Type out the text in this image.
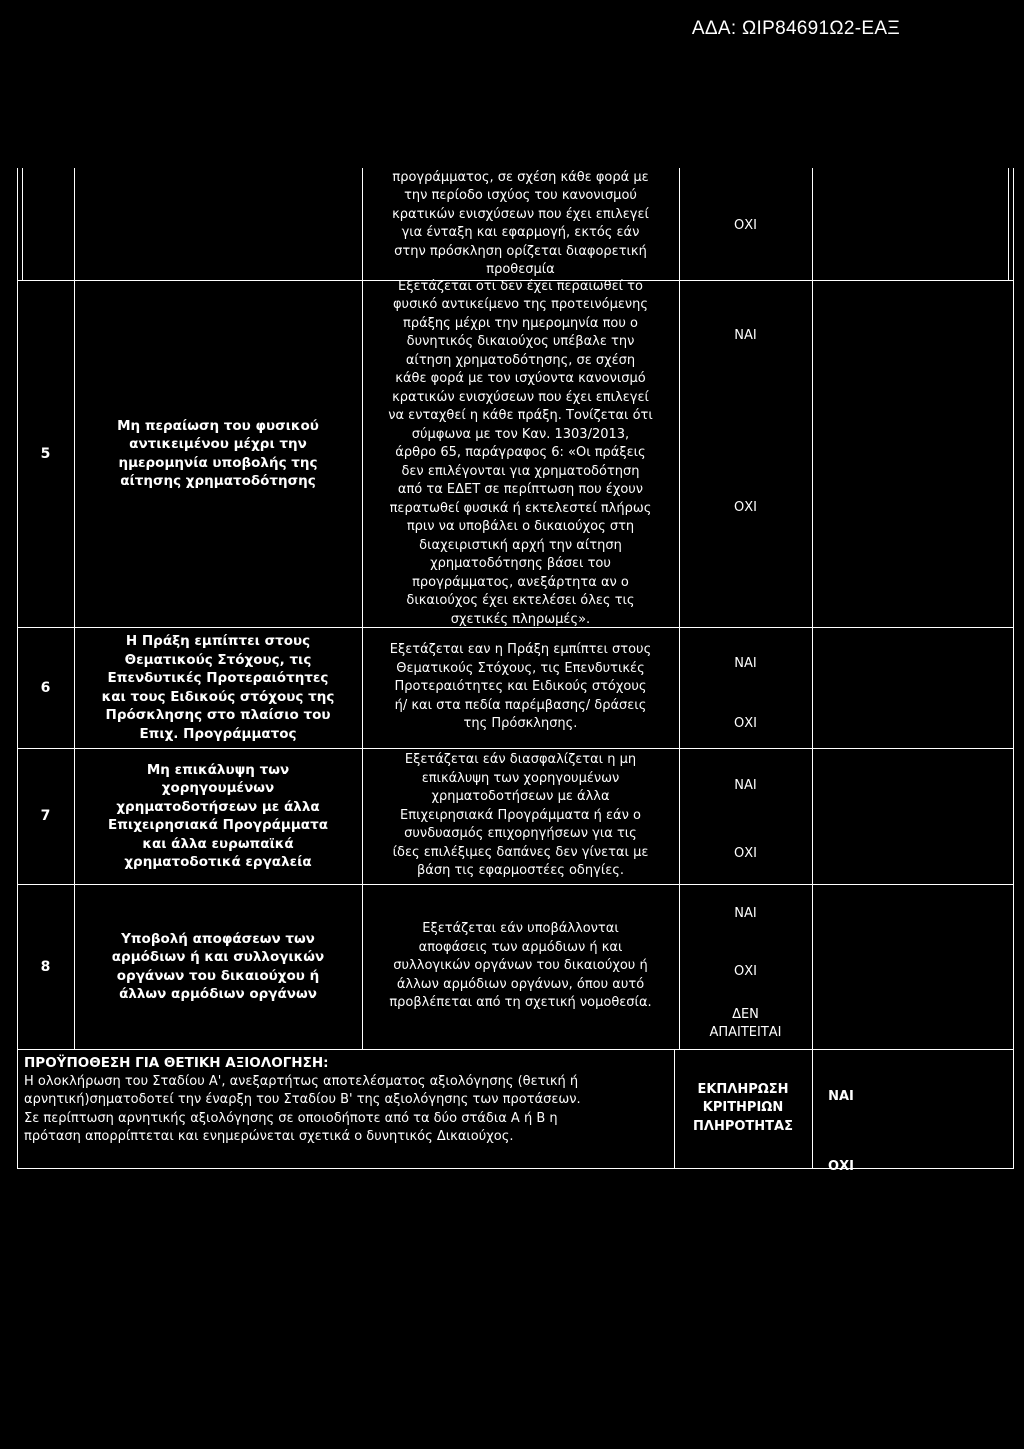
ΑΔΑ: ΩΙΡ84691Ω2-ΕΑΞ
προγράμματος, σε σχέση κάθε φορά με
την περίοδο ισχύος του κανονισμού
κρατικών ενισχύσεων που έχει επιλεγεί
για ένταξη και εφαρμογή, εκτός εάν
στην πρόσκληση ορίζεται διαφορετική
προθεσμία
ΟΧΙ
5
Μη περαίωση του φυσικού
αντικειμένου μέχρι την
ημερομηνία υποβολής της
αίτησης χρηματοδότησης
Εξετάζεται οτι δεν έχει περαιωθεί το
φυσικό αντικείμενο της προτεινόμενης
πράξης μέχρι την ημερομηνία που ο
δυνητικός δικαιούχος υπέβαλε την
αίτηση χρηματοδότησης, σε σχέση
κάθε φορά με τον ισχύοντα κανονισμό
κρατικών ενισχύσεων που έχει επιλεγεί
να ενταχθεί η κάθε πράξη. Τονίζεται ότι
σύμφωνα με τον Καν. 1303/2013,
άρθρο 65, παράγραφος 6: «Οι πράξεις
δεν επιλέγονται για χρηματοδότηση
από τα ΕΔΕΤ σε περίπτωση που έχουν
περατωθεί φυσικά ή εκτελεστεί πλήρως
πριν να υποβάλει ο δικαιούχος στη
διαχειριστική αρχή την αίτηση
χρηματοδότησης βάσει του
προγράμματος, ανεξάρτητα αν ο
δικαιούχος έχει εκτελέσει όλες τις
σχετικές πληρωμές».
ΝΑΙ
ΟΧΙ
6
Η Πράξη εμπίπτει στους
Θεματικούς Στόχους, τις
Επενδυτικές Προτεραιότητες
και τους Ειδικούς στόχους της
Πρόσκλησης στο πλαίσιο του
Επιχ. Προγράμματος
Εξετάζεται εαν η Πράξη εμπίπτει στους
Θεματικούς Στόχους, τις Επενδυτικές
Προτεραιότητες και Ειδικούς στόχους
ή/ και στα πεδία παρέμβασης/ δράσεις
της Πρόσκλησης.
ΝΑΙ
ΟΧΙ
7
Μη επικάλυψη των
χορηγουμένων
χρηματοδοτήσεων με άλλα
Επιχειρησιακά Προγράμματα
και άλλα ευρωπαϊκά
χρηματοδοτικά εργαλεία
Εξετάζεται εάν διασφαλίζεται η μη
επικάλυψη των χορηγουμένων
χρηματοδοτήσεων με άλλα
Επιχειρησιακά Προγράμματα ή εάν ο
συνδυασμός επιχορηγήσεων για τις
ίδες επιλέξιμες δαπάνες δεν γίνεται με
βάση τις εφαρμοστέες οδηγίες.
ΝΑΙ
ΟΧΙ
8
Υποβολή αποφάσεων των
αρμόδιων ή και συλλογικών
οργάνων του δικαιούχου ή
άλλων αρμόδιων οργάνων
Εξετάζεται εάν υποβάλλονται
αποφάσεις των αρμόδιων ή και
συλλογικών οργάνων του δικαιούχου ή
άλλων αρμόδιων οργάνων, όπου αυτό
προβλέπεται από τη σχετική νομοθεσία.
ΝΑΙ
ΟΧΙ
ΔΕΝ
ΑΠΑΙΤΕΙΤΑΙ
ΠΡΟΫΠΟΘΕΣΗ ΓΙΑ ΘΕΤΙΚΗ ΑΞΙΟΛΟΓΗΣΗ:
Η ολοκλήρωση του Σταδίου Α', ανεξαρτήτως αποτελέσματος αξιολόγησης (θετική ή
αρνητική)σηματοδοτεί την έναρξη του Σταδίου Β' της αξιολόγησης των προτάσεων.
Σε περίπτωση αρνητικής αξιολόγησης σε οποιοδήποτε από τα δύο στάδια Α ή Β η
πρόταση απορρίπτεται και ενημερώνεται σχετικά ο δυνητικός Δικαιούχος.
ΕΚΠΛΗΡΩΣΗ
ΚΡΙΤΗΡΙΩΝ
ΠΛΗΡΟΤΗΤΑΣ
ΝΑΙ
ΟΧΙ
